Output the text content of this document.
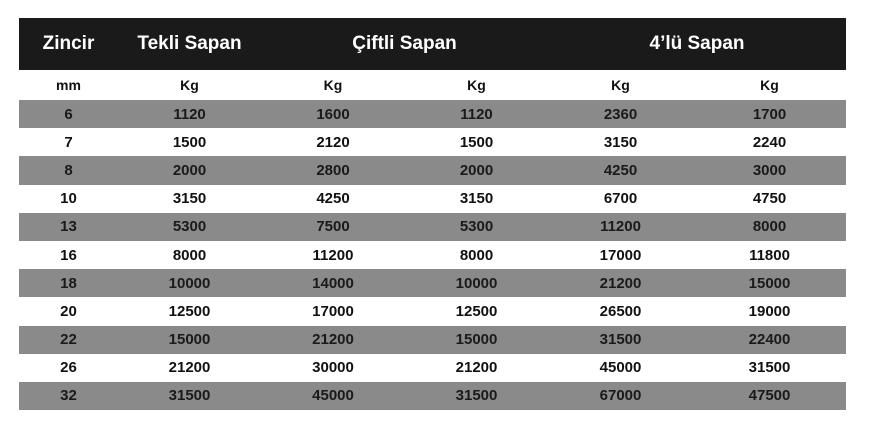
Zincir	Tekli Sapan	Çiftli Sapan		4’lü Sapan	
mm	Kg	Kg	Kg	Kg	Kg
6	1120	1600	1120	2360	1700
7	1500	2120	1500	3150	2240
8	2000	2800	2000	4250	3000
10	3150	4250	3150	6700	4750
13	5300	7500	5300	11200	8000
16	8000	11200	8000	17000	11800
18	10000	14000	10000	21200	15000
20	12500	17000	12500	26500	19000
22	15000	21200	15000	31500	22400
26	21200	30000	21200	45000	31500
32	31500	45000	31500	67000	47500
